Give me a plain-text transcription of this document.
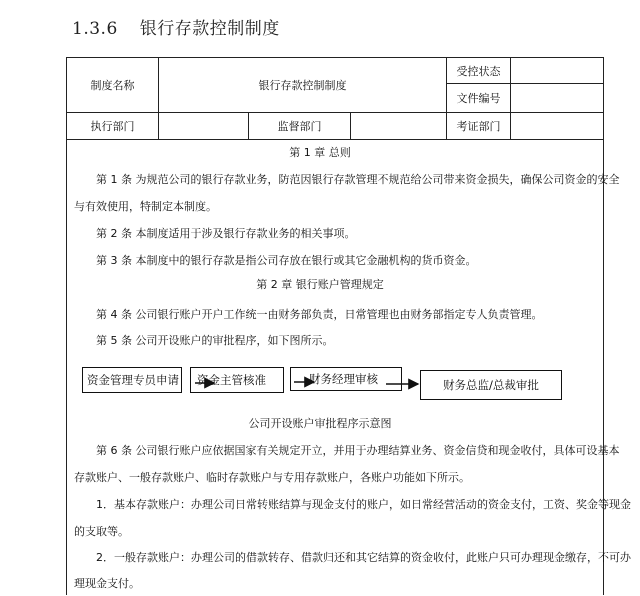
1.3.6 银行存款控制制度
制度名称	银行存款控制制度
受控状态
文件编号
执行部门	监督部门	考证部门
第 1 章 总则
第 1 条 为规范公司的银行存款业务，防范因银行存款管理不规范给公司带来资金损失，确保公司资金的安全
与有效使用，特制定本制度。
第 2 条 本制度适用于涉及银行存款业务的相关事项。
第 3 条 本制度中的银行存款是指公司存放在银行或其它金融机构的货币资金。
第 2 章 银行账户管理规定
第 4 条 公司银行账户开户工作统一由财务部负责，日常管理也由财务部指定专人负责管理。
第 5 条 公司开设账户的审批程序，如下图所示。
资金管理专员申请	资金主管核准	财务经理审核	财务总监/总裁审批
公司开设账户审批程序示意图
第 6 条 公司银行账户应依据国家有关规定开立，并用于办理结算业务、资金信贷和现金收付，具体可设基本
存款账户、一般存款账户、临时存款账户与专用存款账户，各账户功能如下所示。
1．基本存款账户：办理公司日常转账结算与现金支付的账户，如日常经营活动的资金支付，工资、奖金等现金
的支取等。
2．一般存款账户：办理公司的借款转存、借款归还和其它结算的资金收付，此账户只可办理现金缴存，不可办
理现金支付。
